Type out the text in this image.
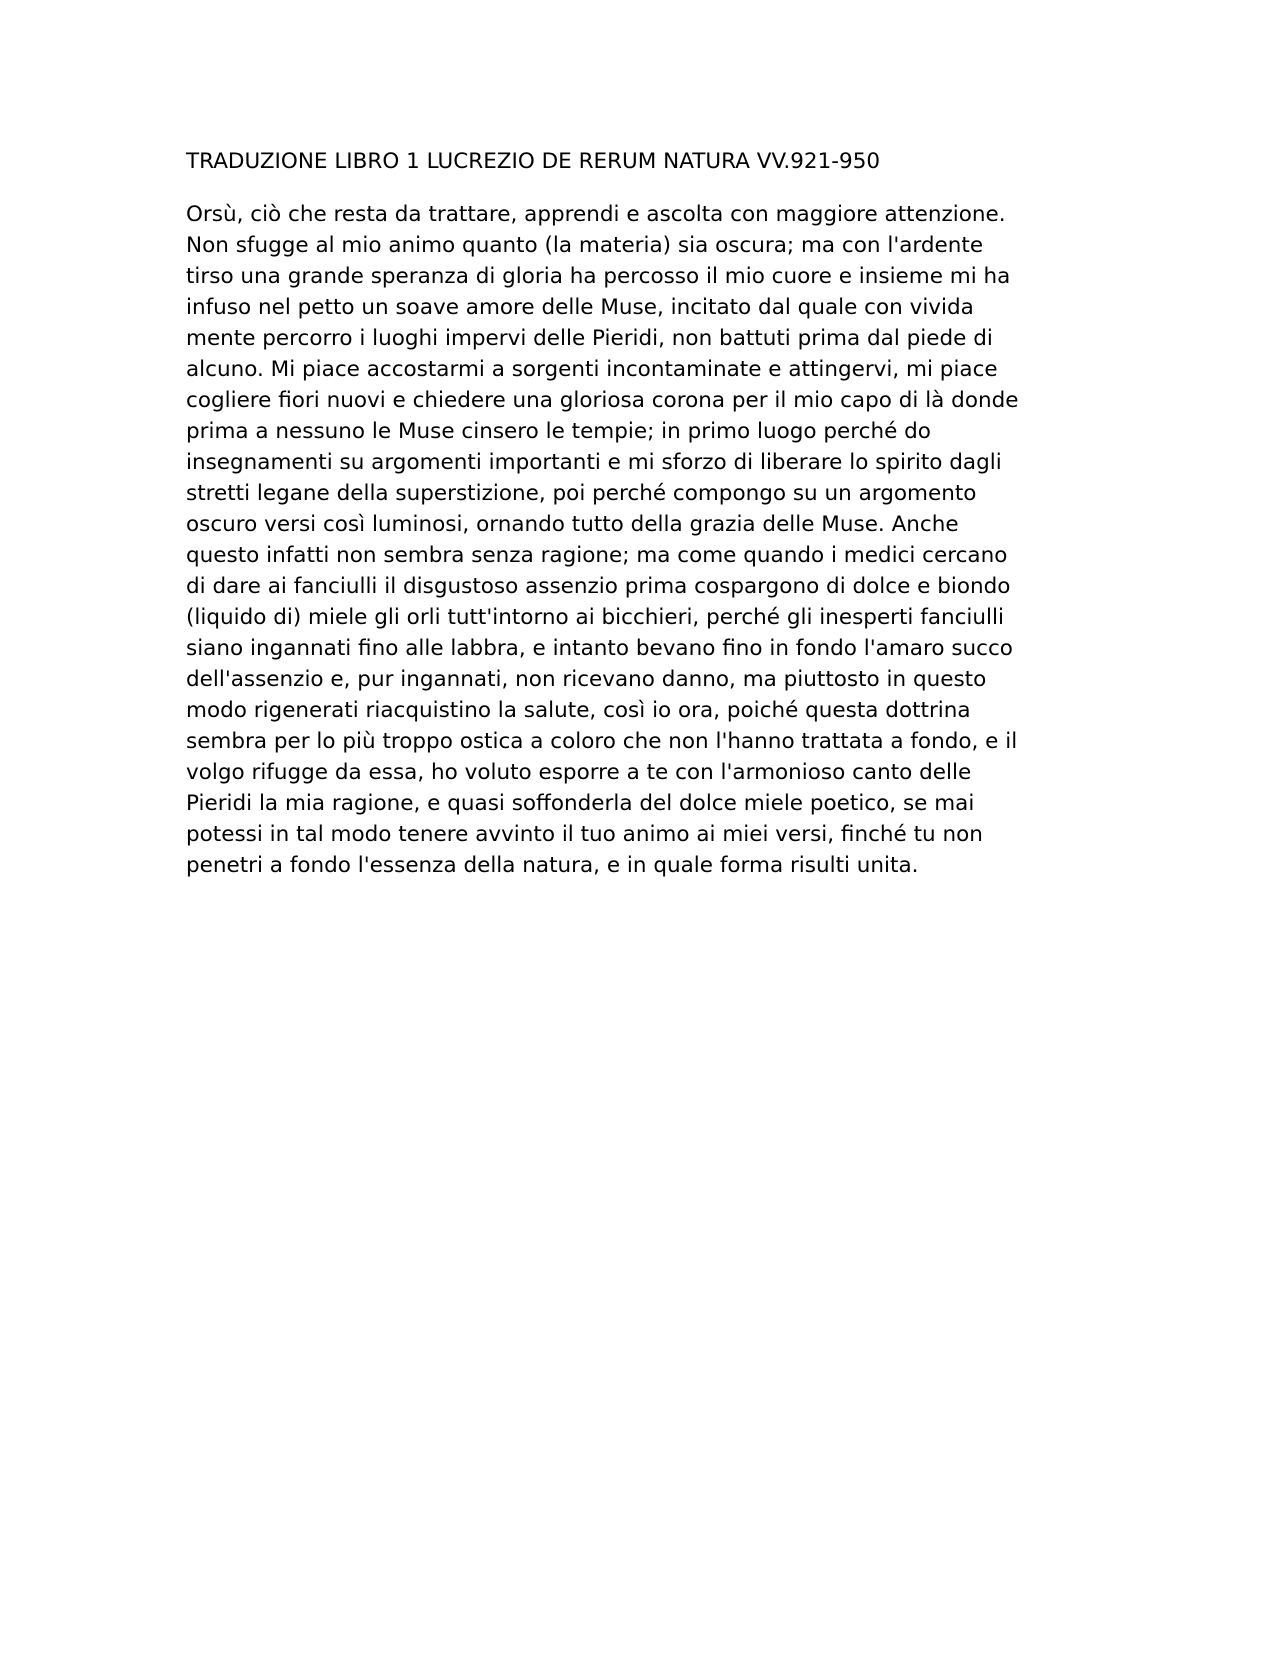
TRADUZIONE LIBRO 1 LUCREZIO DE RERUM NATURA VV.921-950
Orsù, ciò che resta da trattare, apprendi e ascolta con maggiore attenzione.
Non sfugge al mio animo quanto (la materia) sia oscura; ma con l'ardente
tirso una grande speranza di gloria ha percosso il mio cuore e insieme mi ha
infuso nel petto un soave amore delle Muse, incitato dal quale con vivida
mente percorro i luoghi impervi delle Pieridi, non battuti prima dal piede di
alcuno. Mi piace accostarmi a sorgenti incontaminate e attingervi, mi piace
cogliere fiori nuovi e chiedere una gloriosa corona per il mio capo di là donde
prima a nessuno le Muse cinsero le tempie; in primo luogo perché do
insegnamenti su argomenti importanti e mi sforzo di liberare lo spirito dagli
stretti legane della superstizione, poi perché compongo su un argomento
oscuro versi così luminosi, ornando tutto della grazia delle Muse. Anche
questo infatti non sembra senza ragione; ma come quando i medici cercano
di dare ai fanciulli il disgustoso assenzio prima cospargono di dolce e biondo
(liquido di) miele gli orli tutt'intorno ai bicchieri, perché gli inesperti fanciulli
siano ingannati fino alle labbra, e intanto bevano fino in fondo l'amaro succo
dell'assenzio e, pur ingannati, non ricevano danno, ma piuttosto in questo
modo rigenerati riacquistino la salute, così io ora, poiché questa dottrina
sembra per lo più troppo ostica a coloro che non l'hanno trattata a fondo, e il
volgo rifugge da essa, ho voluto esporre a te con l'armonioso canto delle
Pieridi la mia ragione, e quasi soffonderla del dolce miele poetico, se mai
potessi in tal modo tenere avvinto il tuo animo ai miei versi, finché tu non
penetri a fondo l'essenza della natura, e in quale forma risulti unita.
